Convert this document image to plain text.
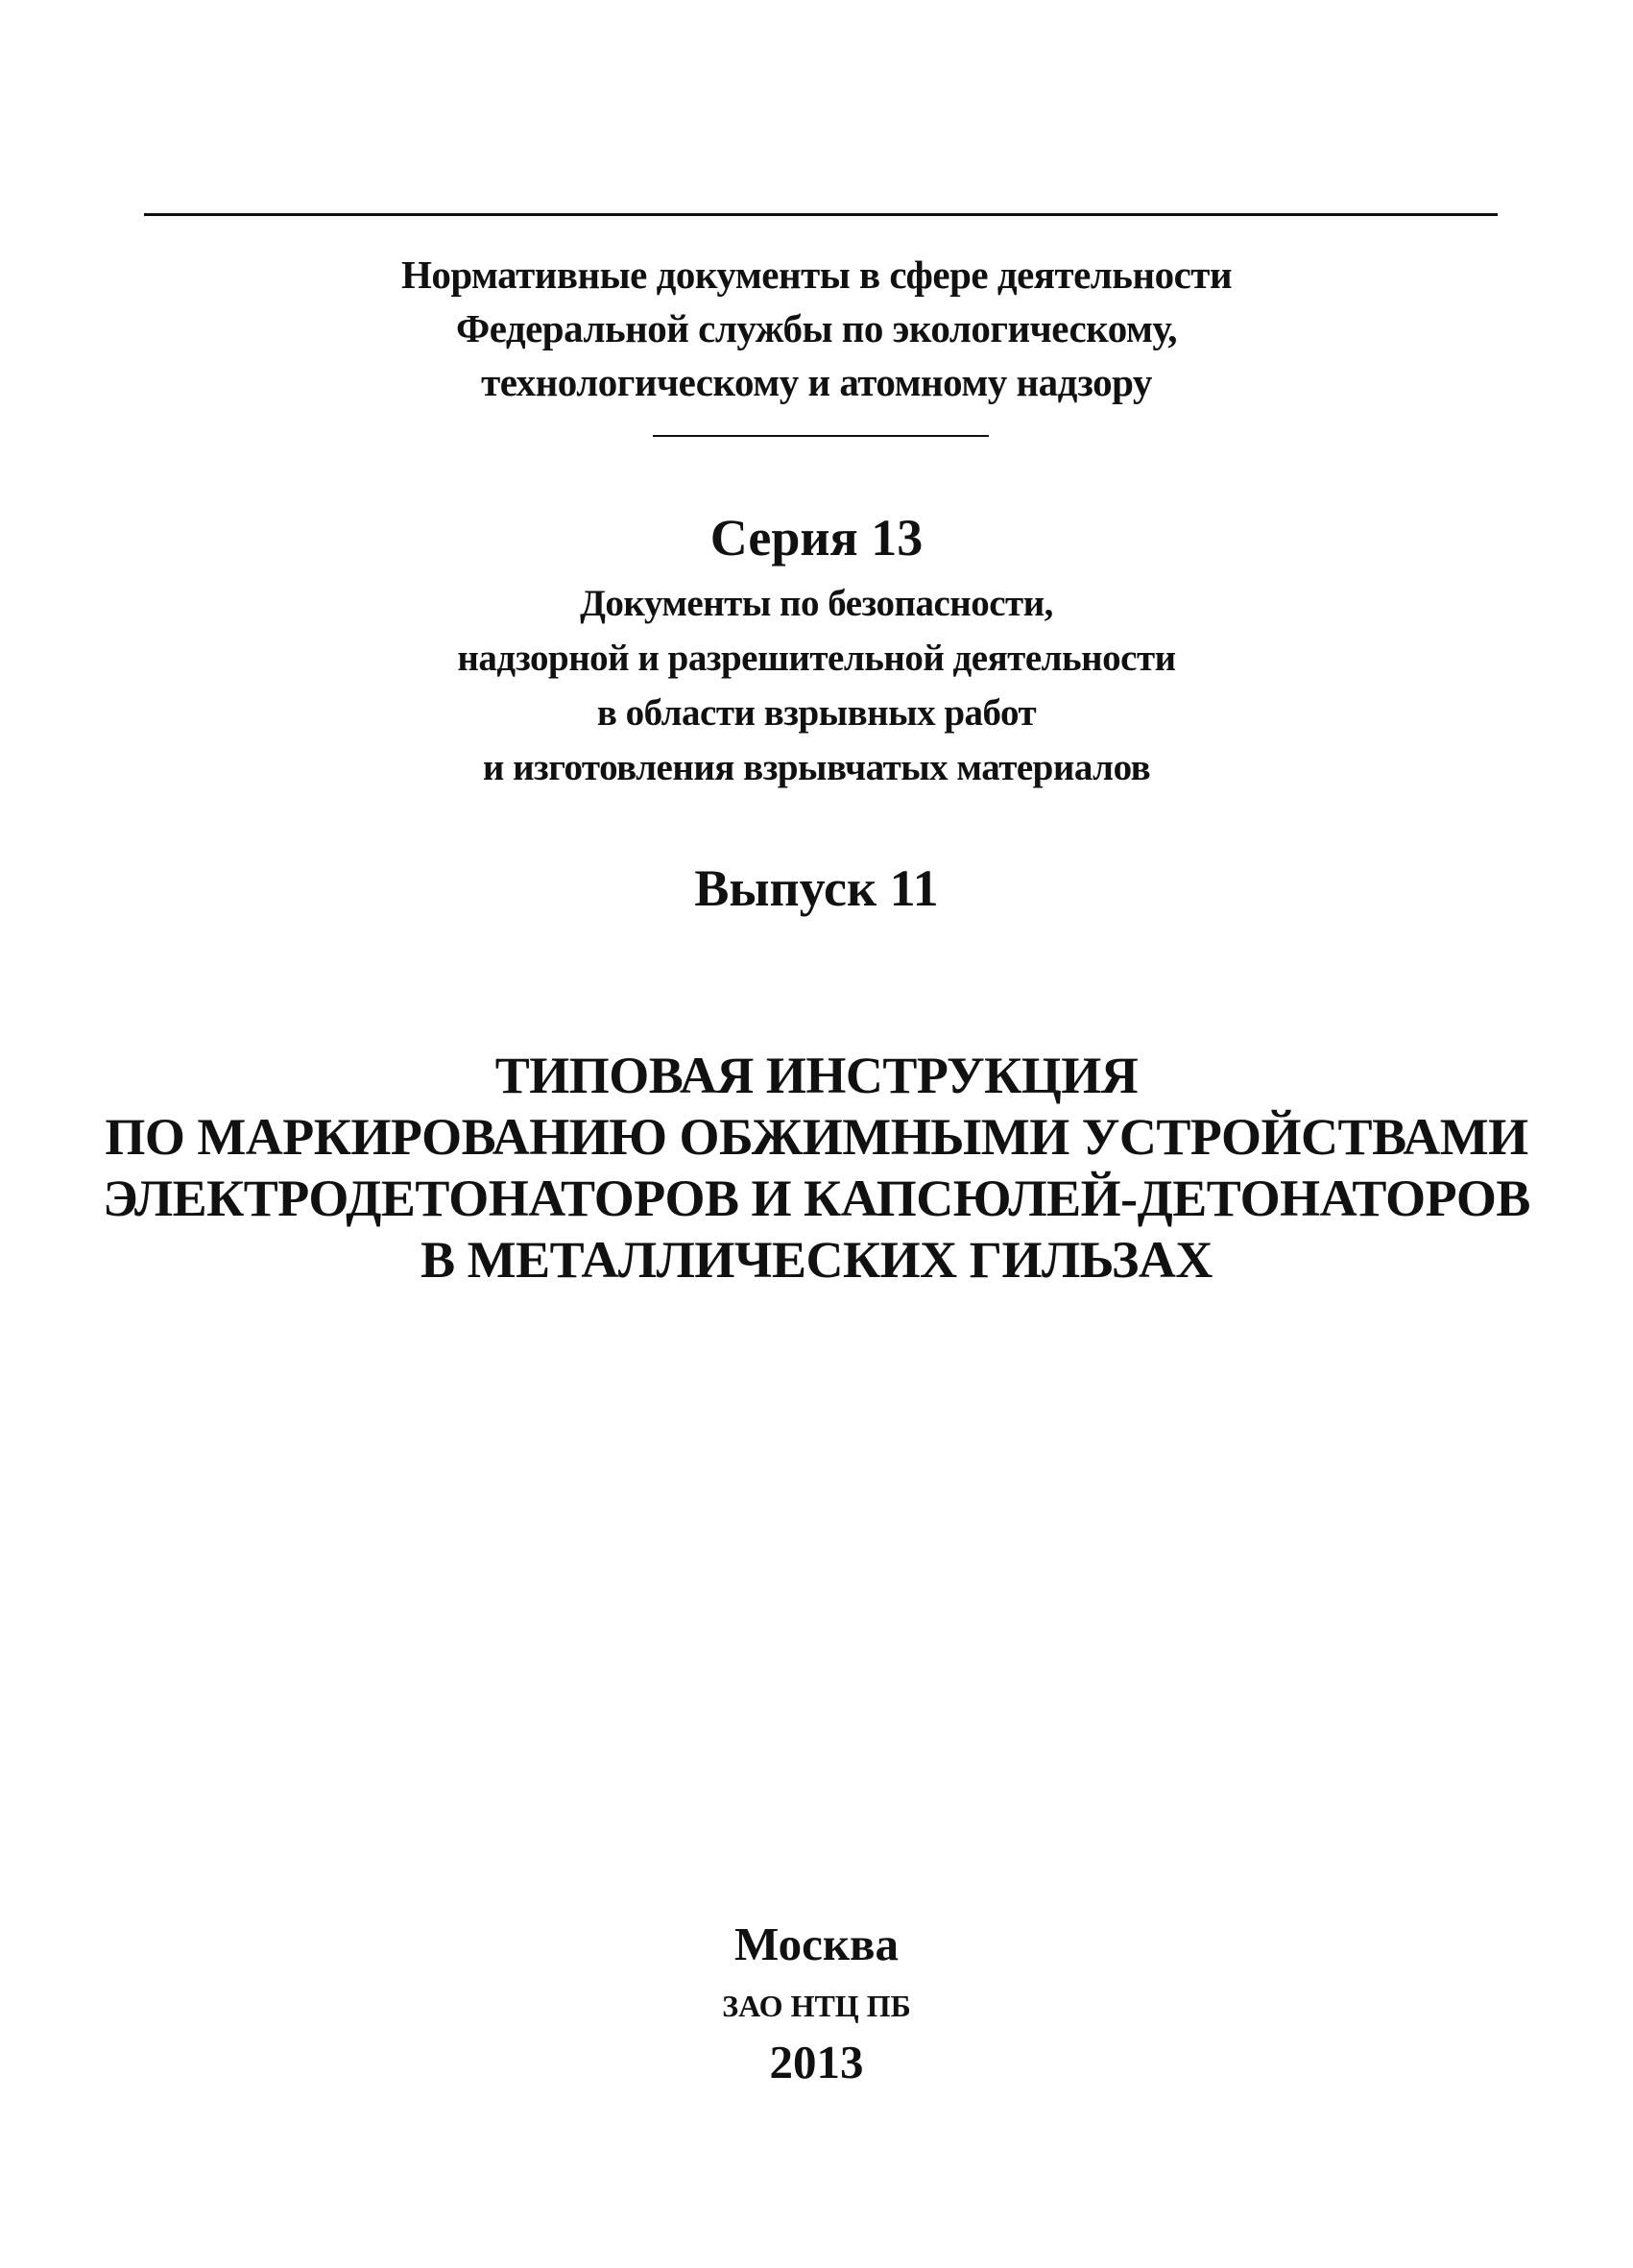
Нормативные документы в сфере деятельности
Федеральной службы по экологическому,
технологическому и атомному надзору
Серия 13
Документы по безопасности,
надзорной и разрешительной деятельности
в области взрывных работ
и изготовления взрывчатых материалов
Выпуск 11
ТИПОВАЯ ИНСТРУКЦИЯ
ПО МАРКИРОВАНИЮ ОБЖИМНЫМИ УСТРОЙСТВАМИ
ЭЛЕКТРОДЕТОНАТОРОВ И КАПСЮЛЕЙ-ДЕТОНАТОРОВ
В МЕТАЛЛИЧЕСКИХ ГИЛЬЗАХ
Москва
ЗАО НТЦ ПБ
2013
